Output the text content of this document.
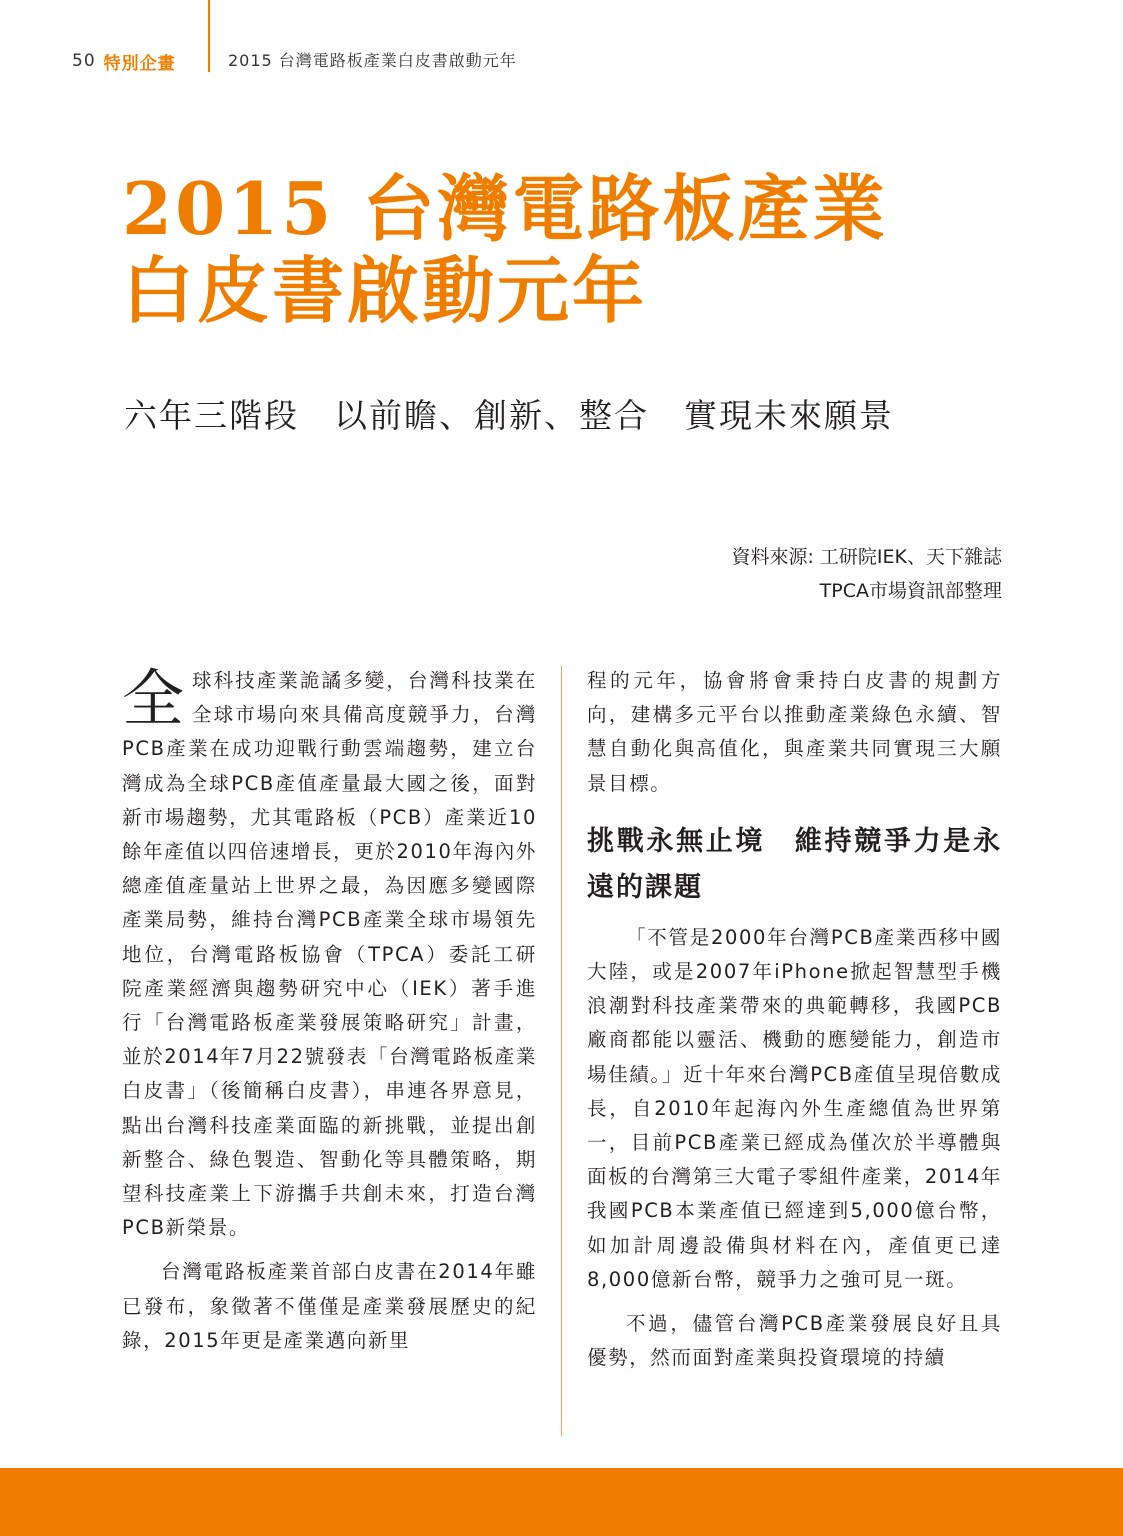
50 特別企畫	2015 台灣電路板產業白皮書啟動元年
2015 台灣電路板產業
白皮書啟動元年
六年三階段　以前瞻、創新、整合　實現未來願景
資料來源: 工研院IEK、天下雜誌
TPCA市場資訊部整理

全球科技產業詭譎多變，台灣科技業在全球市場向來具備高度競爭力，台灣PCB產業在成功迎戰行動雲端趨勢，建立台灣成為全球PCB產值產量最大國之後，面對新市場趨勢，尤其電路板（PCB）產業近10餘年產值以四倍速增長，更於2010年海內外總產值產量站上世界之最，為因應多變國際產業局勢，維持台灣PCB產業全球市場領先地位，台灣電路板協會（TPCA）委託工研院產業經濟與趨勢研究中心（IEK）著手進行「台灣電路板產業發展策略研究」計畫，並於2014年7月22號發表「台灣電路板產業白皮書」（後簡稱白皮書），串連各界意見，點出台灣科技產業面臨的新挑戰，並提出創新整合、綠色製造、智動化等具體策略，期望科技產業上下游攜手共創未來，打造台灣PCB新榮景。

台灣電路板產業首部白皮書在2014年雖已發布，象徵著不僅僅是產業發展歷史的紀錄，2015年更是產業邁向新里

程的元年，協會將會秉持白皮書的規劃方向，建構多元平台以推動產業綠色永續、智慧自動化與高值化，與產業共同實現三大願景目標。

挑戰永無止境　維持競爭力是永遠的課題

「不管是2000年台灣PCB產業西移中國大陸，或是2007年iPhone掀起智慧型手機浪潮對科技產業帶來的典範轉移，我國PCB廠商都能以靈活、機動的應變能力，創造市場佳績。」近十年來台灣PCB產值呈現倍數成長，自2010年起海內外生產總值為世界第一，目前PCB產業已經成為僅次於半導體與面板的台灣第三大電子零組件產業，2014年我國PCB本業產值已經達到5,000億台幣，如加計周邊設備與材料在內，產值更已達8,000億新台幣，競爭力之強可見一斑。

不過，儘管台灣PCB產業發展良好且具優勢，然而面對產業與投資環境的持續
